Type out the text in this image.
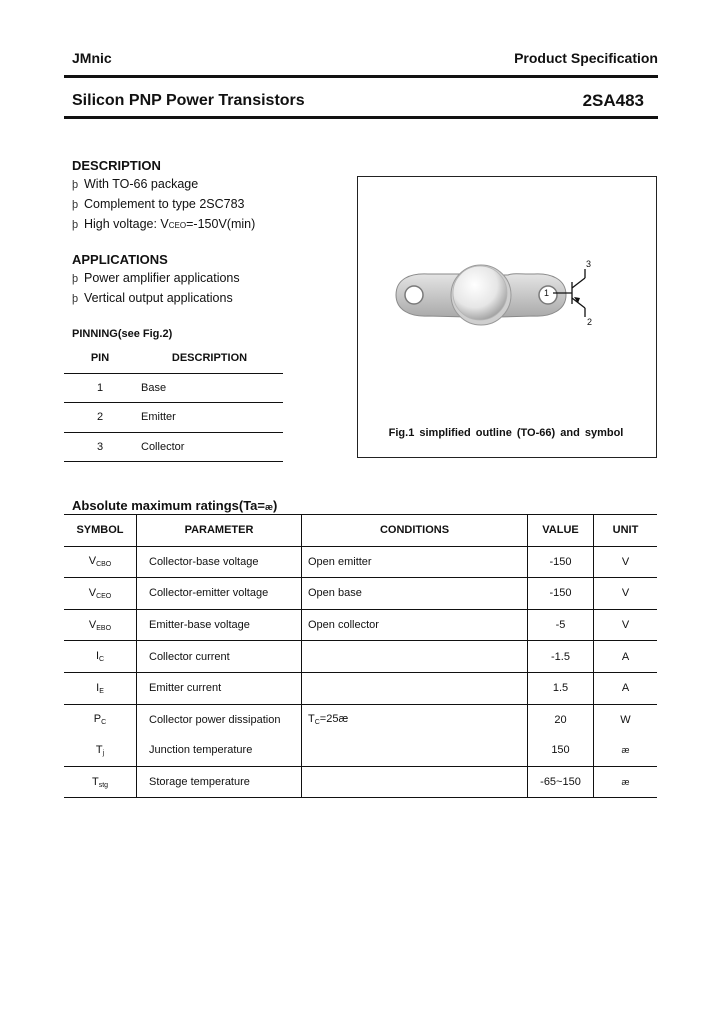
JMnic	Product Specification
Silicon PNP Power Transistors	2SA483
DESCRIPTION
þ With TO-66 package
þ Complement to type 2SC783
þ High voltage: V CEO =-150V(min)
APPLICATIONS
þ Power amplifier applications
þ Vertical output applications
PINNING(see Fig.2)
PIN	DESCRIPTION
1	Base
2	Emitter
3	Collector
1
2
3
Fig.1 simplified outline (TO-66) and symbol
Absolute maximum ratings(Ta=æ)
SYMBOL	PARAMETER	CONDITIONS	VALUE	UNIT
$V_{CBO}$	Collector-base voltage	Open emitter	-150	V
$V_{CEO}$	Collector-emitter voltage	Open base	-150	V
$V_{EBO}$	Emitter-base voltage	Open collector	-5	V
$I_C$	Collector current		-1.5	A
$I_E$	Emitter current		1.5	A
$P_C$	Collector power dissipation	$T_C=25æ$	20	W
$T_j$	Junction temperature		150	æ
$T_{stg}$	Storage temperature		-65~150	æ
